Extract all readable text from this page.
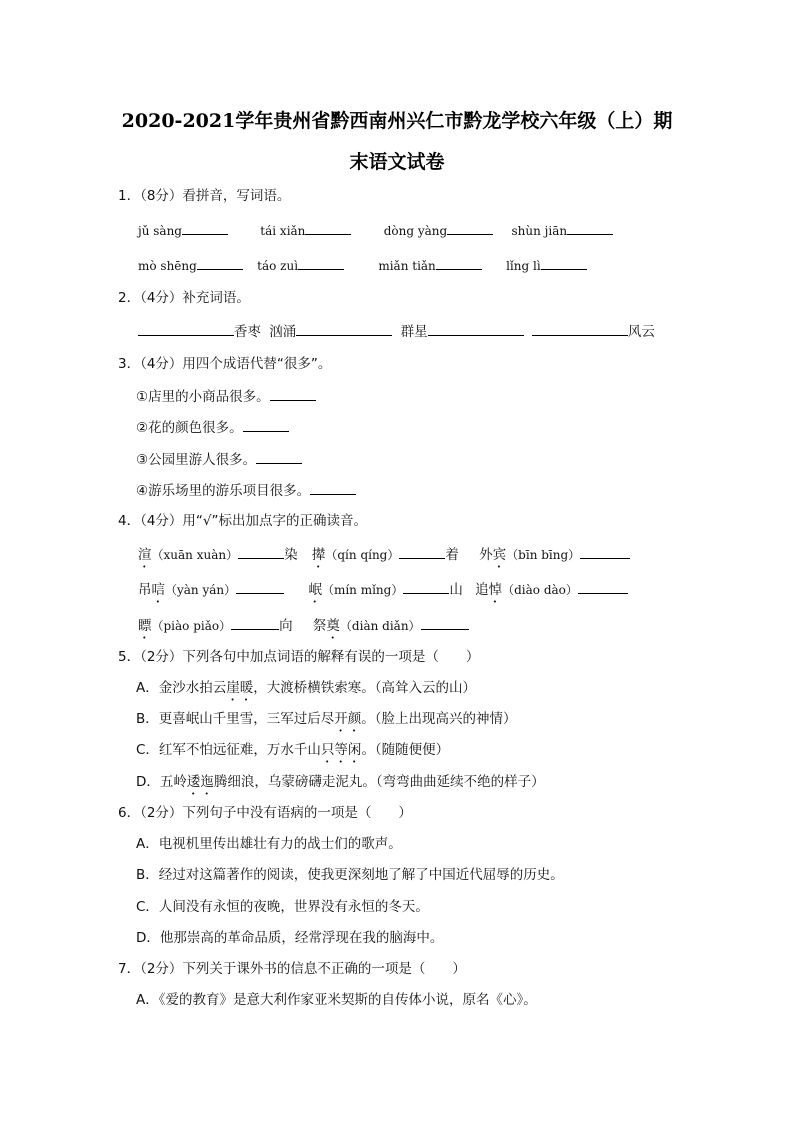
2020-2021学年贵州省黔西南州兴仁市黔龙学校六年级（上）期
末语文试卷
1．（8分）看拼音，写词语。
jǔ sàng	tái xiǎn	dòng yàng	shùn jiān
mò shēng	táo zuì	miǎn tiǎn	lǐng lì
2．（4分）补充词语。
香枣 汹涌	群星	风云
3．（4分）用四个成语代替“很多”。
①店里的小商品很多。
②花的颜色很多。
③公园里游人很多。
④游乐场里的游乐项目很多。
4．（4分）用“√”标出加点字的正确读音。
渲（xuān xuàn）	染 撵（qín qíng）	着 外宾（bīn bīng）
吊唁（yàn yán）	岷（mín mǐng）	山 追悼（diào dào）
瞟（piào piǎo）	向 祭奠（diàn diǎn）
5．（2分）下列各句中加点词语的解释有误的一项是（　　）
A．金沙水拍云崖暖，大渡桥横铁索寒。（高耸入云的山）
B．更喜岷山千里雪，三军过后尽开颜。（脸上出现高兴的神情）
C．红军不怕远征难，万水千山只等闲。（随随便便）
D．五岭逶迤腾细浪，乌蒙磅礴走泥丸。（弯弯曲曲延续不绝的样子）
6．（2分）下列句子中没有语病的一项是（　　）
A．电视机里传出雄壮有力的战士们的歌声。
B．经过对这篇著作的阅读，使我更深刻地了解了中国近代屈辱的历史。
C．人间没有永恒的夜晚，世界没有永恒的冬天。
D．他那崇高的革命品质，经常浮现在我的脑海中。
7．（2分）下列关于课外书的信息不正确的一项是（　　）
A．《爱的教育》是意大利作家亚米契斯的自传体小说，原名《心》。
